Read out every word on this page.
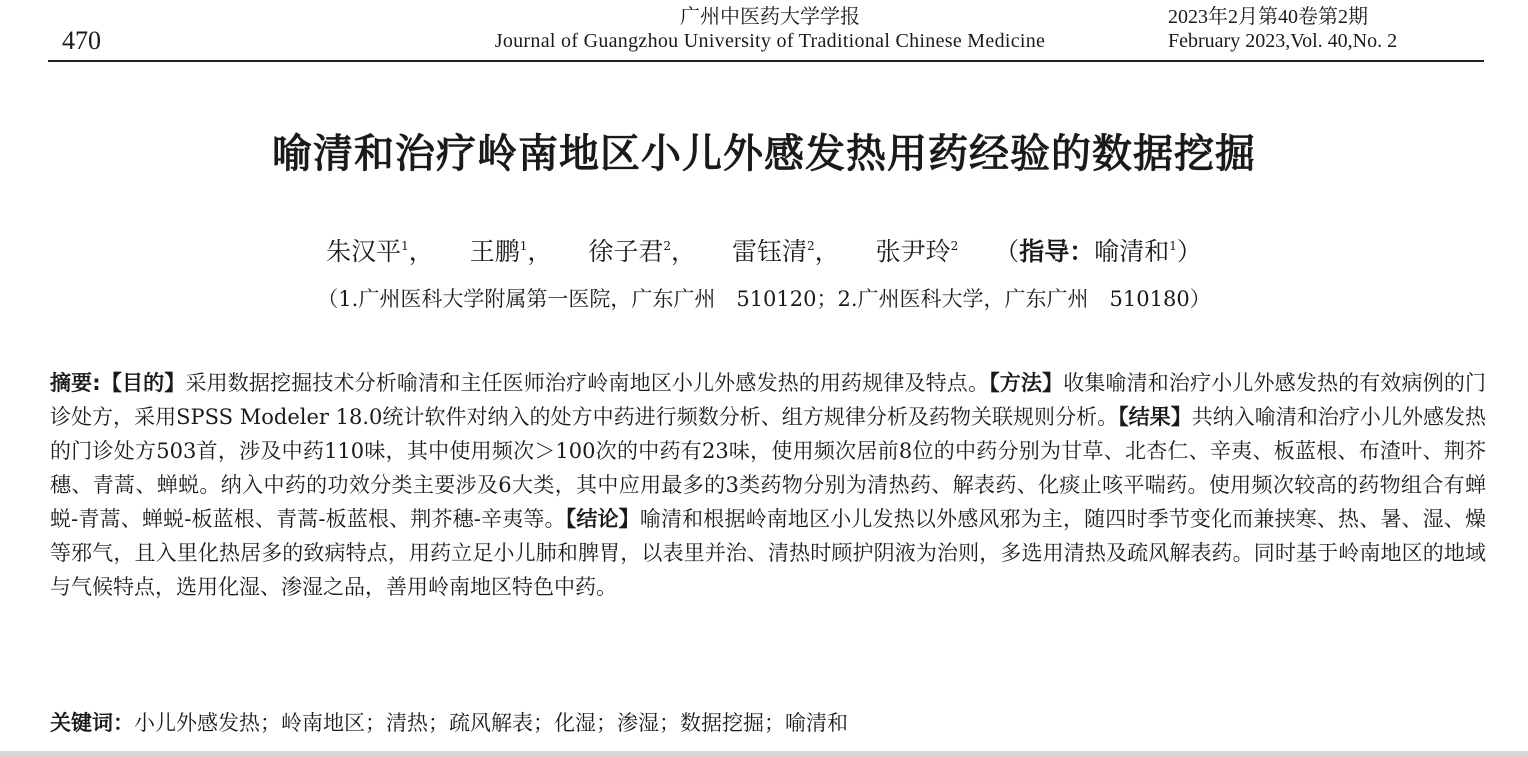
470
广州中医药大学学报
Journal of Guangzhou University of Traditional Chinese Medicine
2023年2月第40卷第2期
February 2023,Vol. 40,No. 2
喻清和治疗岭南地区小儿外感发热用药经验的数据挖掘
朱汉平$^1$， 王鹏$^1$， 徐子君$^2$， 雷钰清$^2$， 张尹玲$^2$ （指导：喻清和$^1$）
（1.广州医科大学附属第一医院，广东广州　510120；2.广州医科大学，广东广州　510180）
摘要:【目的】采用数据挖掘技术分析喻清和主任医师治疗岭南地区小儿外感发热的用药规律及特点。【方法】收集喻清和治疗小儿外感发热的有效病例的门诊处方，采用SPSS Modeler 18.0统计软件对纳入的处方中药进行频数分析、组方规律分析及药物关联规则分析。【结果】共纳入喻清和治疗小儿外感发热的门诊处方503首，涉及中药110味，其中使用频次＞100次的中药有23味，使用频次居前8位的中药分别为甘草、北杏仁、辛夷、板蓝根、布渣叶、荆芥穗、青蒿、蝉蜕。纳入中药的功效分类主要涉及6大类，其中应用最多的3类药物分别为清热药、解表药、化痰止咳平喘药。使用频次较高的药物组合有蝉蜕-青蒿、蝉蜕-板蓝根、青蒿-板蓝根、荆芥穗-辛夷等。【结论】喻清和根据岭南地区小儿发热以外感风邪为主，随四时季节变化而兼挟寒、热、暑、湿、燥等邪气，且入里化热居多的致病特点，用药立足小儿肺和脾胃，以表里并治、清热时顾护阴液为治则，多选用清热及疏风解表药。同时基于岭南地区的地域与气候特点，选用化湿、渗湿之品，善用岭南地区特色中药。
关键词：小儿外感发热；岭南地区；清热；疏风解表；化湿；渗湿；数据挖掘；喻清和
